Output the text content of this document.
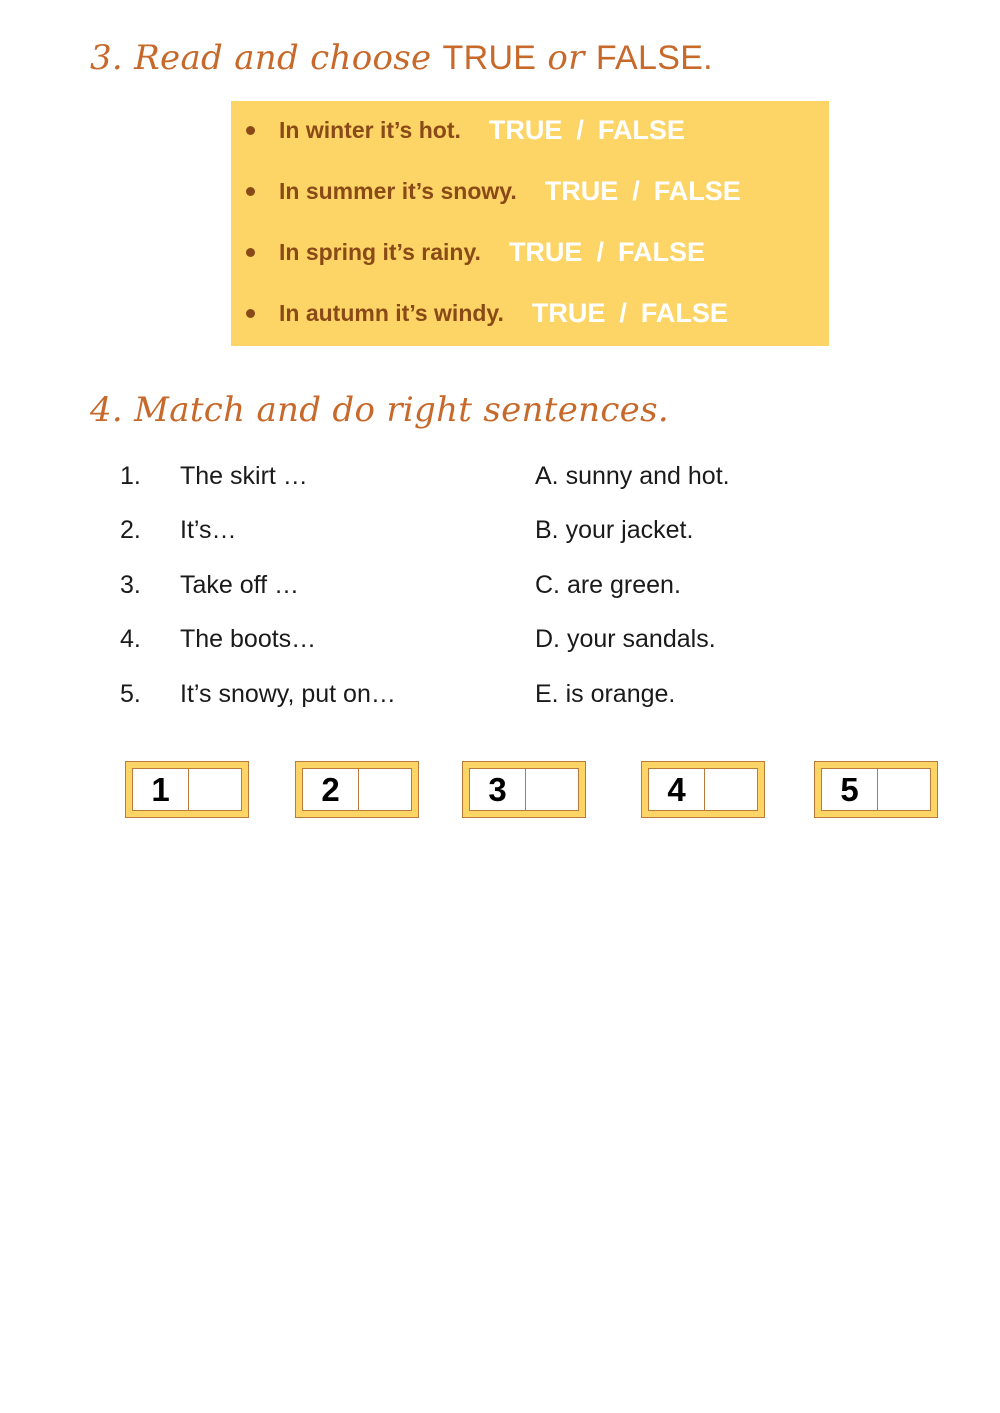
3. Read and choose TRUE or FALSE.
In winter it’s hot. TRUE / FALSE
In summer it’s snowy. TRUE / FALSE
In spring it’s rainy. TRUE / FALSE
In autumn it’s windy. TRUE / FALSE
4. Match and do right sentences.
1. The skirt …	A. sunny and hot.
2. It’s…	B. your jacket.
3. Take off …	C. are green.
4. The boots…	D. your sandals.
5. It’s snowy, put on…	E. is orange.
1	2	3	4	5
